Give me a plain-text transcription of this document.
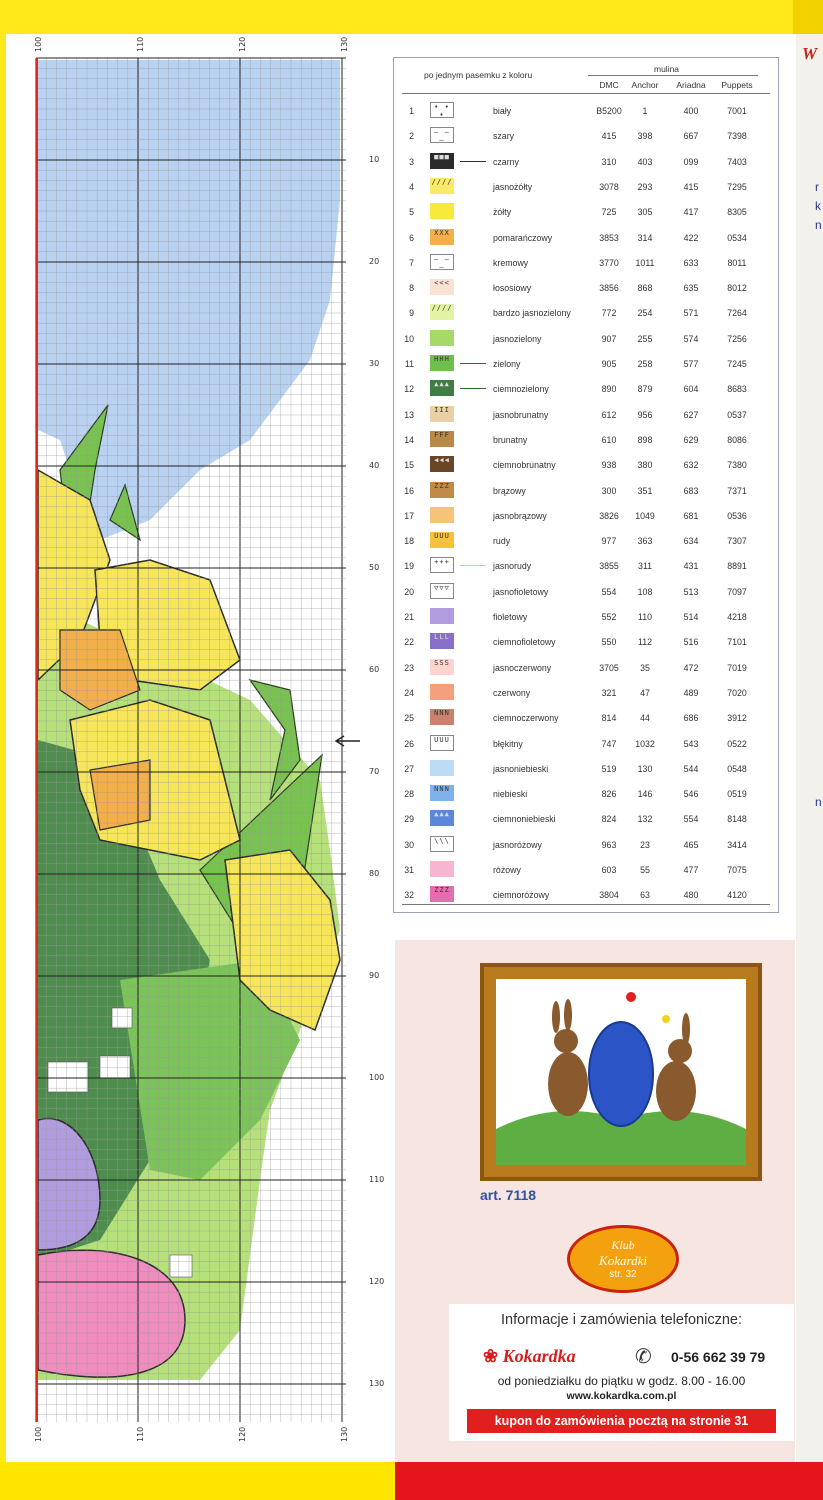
100	110	120	130
100	110	120	130
10
20
30
40
50
60
70
80
90
100
110
120
130
po jednym pasemku z koloru
mulina
DMC	Anchor	Ariadna	Puppets
1	• • •	biały	B5200	1	400	7001
2	– – –	szary	415	398	667	7398
3	■■■	czarny	310	403	099	7403
4	////	jasnożółty	3078	293	415	7295
5	żółty	725	305	417	8305
6	XXX	pomarańczowy	3853	314	422	0534
7	– – –	kremowy	3770	1011	633	8011
8	<<<	łososiowy	3856	868	635	8012
9	////	bardzo jasnozielony	772	254	571	7264
10	jasnozielony	907	255	574	7256
11	HHH	zielony	905	258	577	7245
12	▲▲▲	ciemnozielony	890	879	604	8683
13	III	jasnobrunatny	612	956	627	0537
14	FFF	brunatny	610	898	629	8086
15	◀◀◀	ciemnobrunatny	938	380	632	7380
16	ZZZ	brązowy	300	351	683	7371
17	jasnobrązowy	3826	1049	681	0536
18	UUU	rudy	977	363	634	7307
19	+++	jasnorudy	3855	311	431	8891
20	▽▽▽	jasnofioletowy	554	108	513	7097
21	fioletowy	552	110	514	4218
22	LLL	ciemnofioletowy	550	112	516	7101
23	SSS	jasnoczerwony	3705	35	472	7019
24	czerwony	321	47	489	7020
25	NNN	ciemnoczerwony	814	44	686	3912
26	UUU	błękitny	747	1032	543	0522
27	jasnoniebieski	519	130	544	0548
28	NNN	niebieski	826	146	546	0519
29	▲▲▲	ciemnoniebieski	824	132	554	8148
30	\\\	jasnoróżowy	963	23	465	3414
31	różowy	603	55	477	7075
32	ZZZ	ciemnoróżowy	3804	63	480	4120
art. 7118
Klub
Kokardki
str. 32
Informacje i zamówienia telefoniczne:
❀ Kokardka	✆ 0-56 662 39 79
od poniedziałku do piątku w godz. 8.00 - 16.00
www.kokardka.com.pl
kupon do zamówienia pocztą na stronie 31
W
r
k
n
n
